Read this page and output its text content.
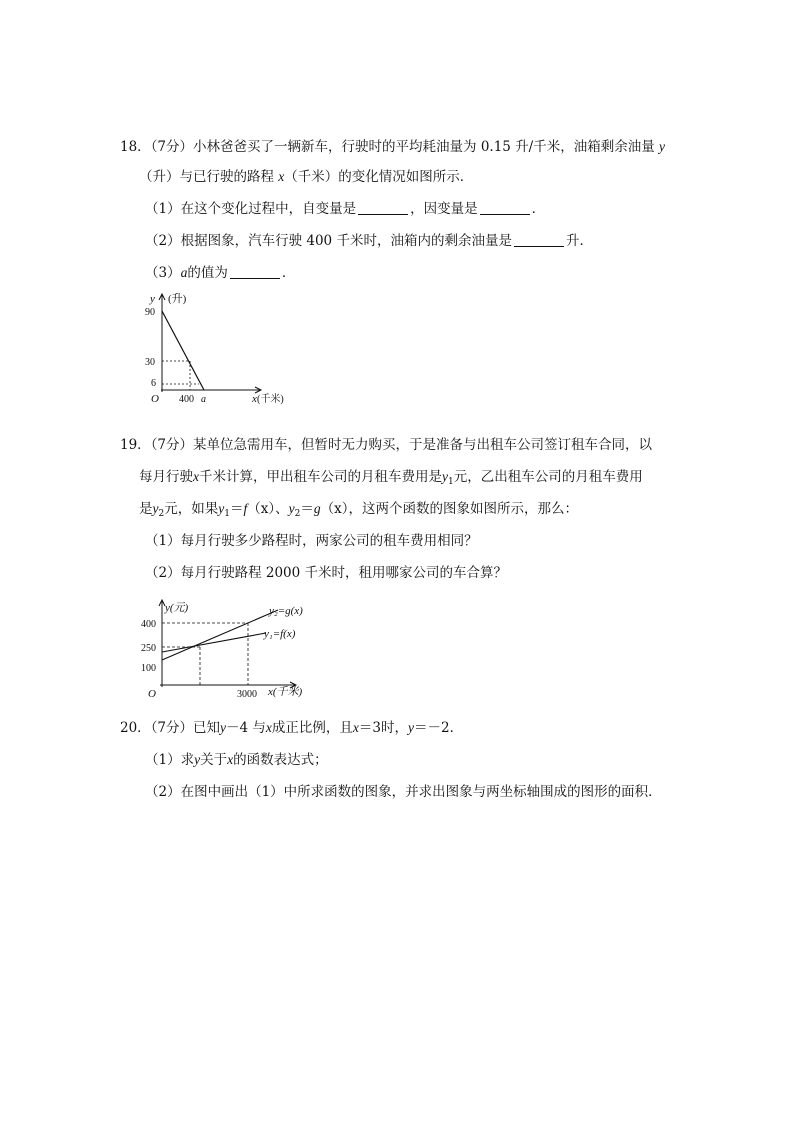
18．（7分）小林爸爸买了一辆新车，行驶时的平均耗油量为 0.15 升/千米，油箱剩余油量 y
（升）与已行驶的路程 x（千米）的变化情况如图所示．
（1）在这个变化过程中，自变量是	，因变量是	．
（2）根据图象，汽车行驶 400 千米时，油箱内的剩余油量是	升．
（3）a的值为	．
y (升)
90
30
6
O 400 a	x (千米)
19．（7分）某单位急需用车，但暂时无力购买，于是准备与出租车公司签订租车合同，以
每月行驶x千米计算，甲出租车公司的月租车费用是$y_1$元，乙出租车公司的月租车费用
是$y_2$元，如果$y_1=f(x)$、$y_2=g(x)$，这两个函数的图象如图所示，那么：
（1）每月行驶多少路程时，两家公司的租车费用相同？
（2）每月行驶路程 2000 千米时，租用哪家公司的车合算？
y(元)
400
250
100
O	3000 x(千米)
y₂=g(x)
y₁=f(x)
20．（7分）已知y－4 与x成正比例，且x＝3时，y＝－2．
（1）求y关于x的函数表达式；
（2）在图中画出（1）中所求函数的图象，并求出图象与两坐标轴围成的图形的面积．
